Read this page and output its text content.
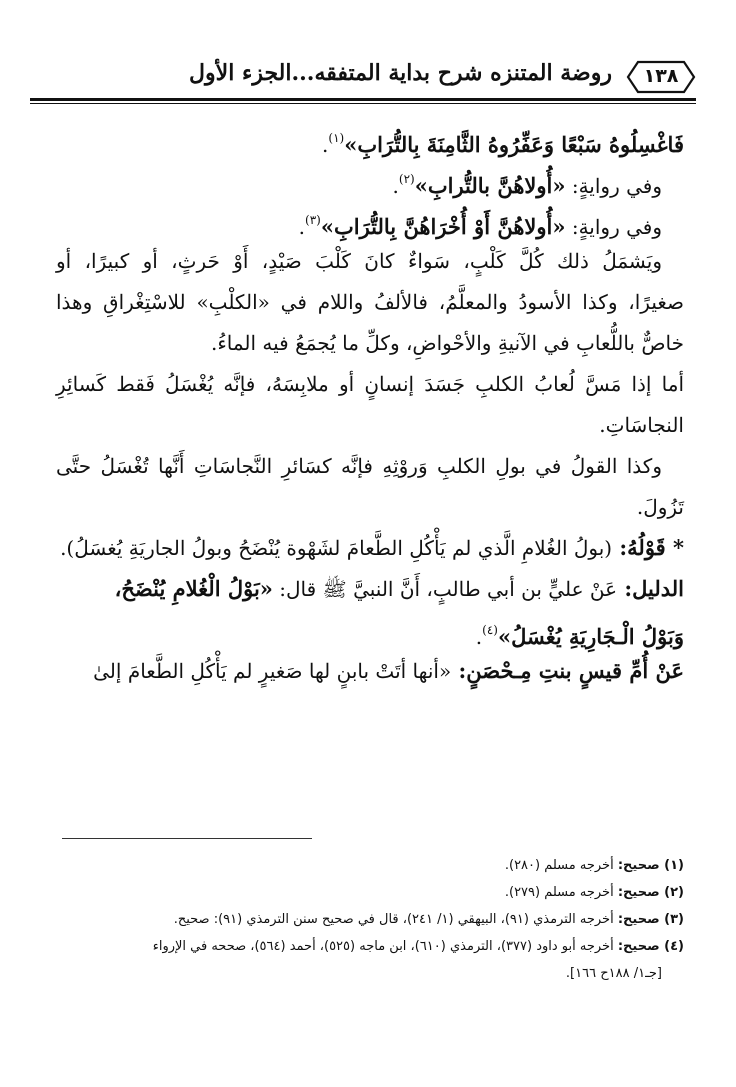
١٣٨
روضة المتنزه شرح بداية المتفقه...الجزء الأول
فَاغْسِلُوهُ سَبْعًا وَعَفِّرُوهُ الثَّامِنَةَ بِالتُّرَابِ»$^{(١)}$.
وفي روايةٍ: «أُولاهُنَّ بالتُّرابِ»$^{(٢)}$.
وفي روايةٍ: «أُولاهُنَّ أَوْ أُخْرَاهُنَّ بِالتُّرَابِ»$^{(٣)}$.
ويَشمَلُ ذلك كُلَّ كَلْبٍ، سَواءٌ كانَ كَلْبَ صَيْدٍ، أَوْ حَرثٍ، أو كبيرًا، أو
صغيرًا، وكذا الأسودُ والمعلَّمُ، فالألفُ واللام في «الكلْبِ» للاسْتِغْراقِ وهذا
خاصٌّ باللُّعابِ في الآنيةِ والأحْواضِ، وكلِّ ما يُجمَعُ فيه الماءُ.
أما إذا مَسَّ لُعابُ الكلبِ جَسَدَ إنسانٍ أو ملابِسَهُ، فإنَّه يُغْسَلُ فَقط كَسائِرِ
النجاسَاتِ.
وكذا القولُ في بولِ الكلبِ وَروْثِهِ فإنَّه كسَائرِ النَّجاسَاتِ أَنَّها تُغْسَلُ حتَّى
تَزُولَ.
* قَوْلُهُ: (بولُ الغُلامِ الَّذي لم يَأْكُلِ الطَّعامَ لشَهْوة يُنْضَحُ وبولُ الجاريَةِ يُغسَلُ).
الدليل: عَنْ عليٍّ بن أبي طالبٍ، أَنَّ النبيَّ ﷺ قال: «بَوْلُ الْغُلامِ يُنْضَحُ،
وَبَوْلُ الْـجَارِيَةِ يُغْسَلُ»$^{(٤)}$.
عَنْ أُمِّ قيسٍ بنتِ مِـحْصَنٍ: «أنها أتَتْ بابنٍ لها صَغيرٍ لم يَأْكُلِ الطَّعامَ إلىٰ
(١) صحيح: أخرجه مسلم (٢٨٠).
(٢) صحيح: أخرجه مسلم (٢٧٩).
(٣) صحيح: أخرجه الترمذي (٩١)، البيهقي (١/ ٢٤١)، قال في صحيح سنن الترمذي (٩١): صحيح.
(٤) صحيح: أخرجه أبو داود (٣٧٧)، الترمذي (٦١٠)، ابن ماجه (٥٢٥)، أحمد (٥٦٤)، صححه في الإرواء
[جـ١/ ١٨٨ح ١٦٦].
